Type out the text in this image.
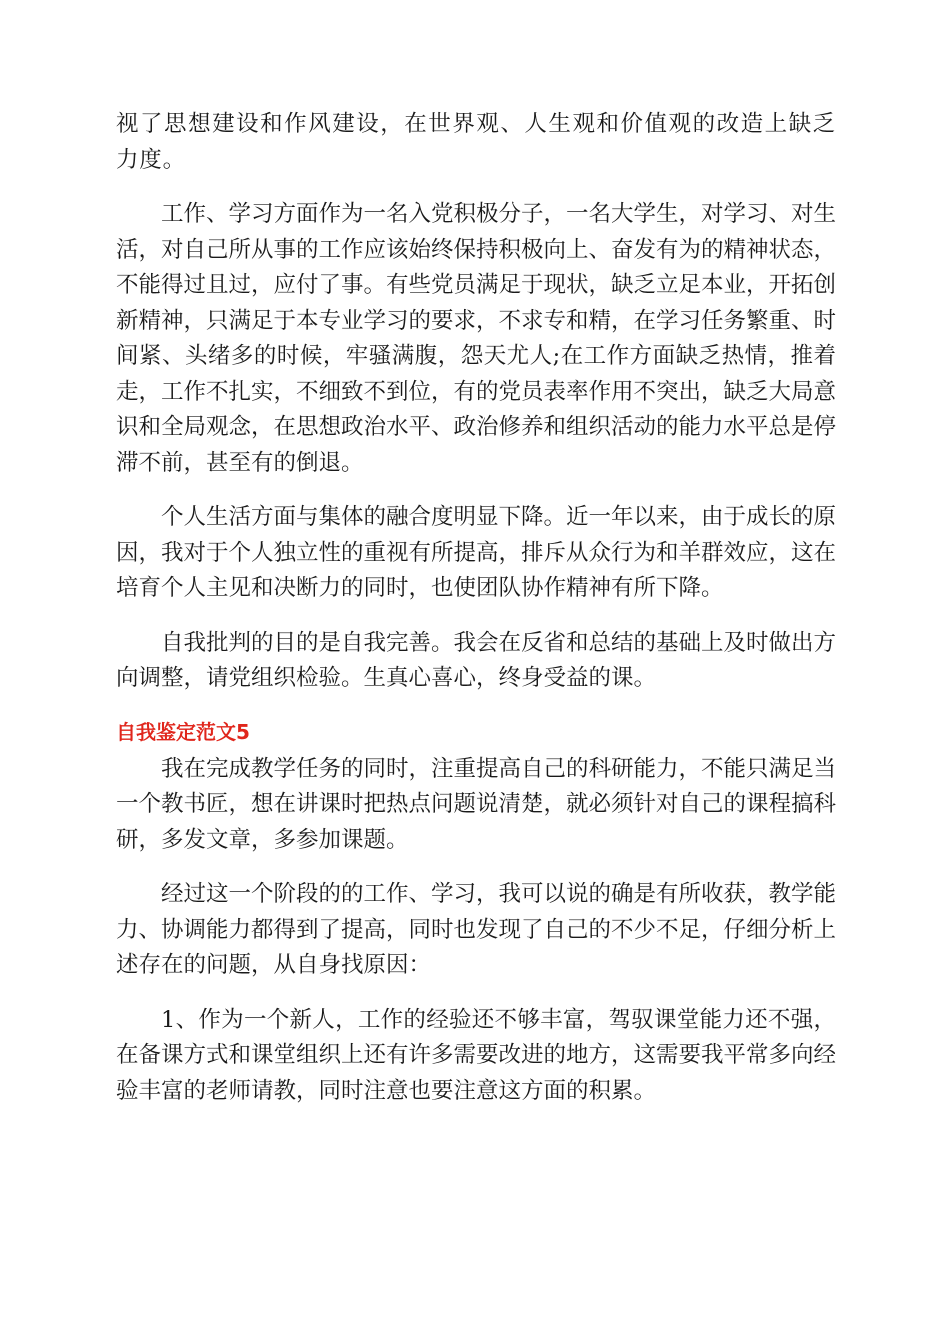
视了思想建设和作风建设，在世界观、人生观和价值观的改造上缺乏力度。

工作、学习方面作为一名入党积极分子，一名大学生，对学习、对生活，对自己所从事的工作应该始终保持积极向上、奋发有为的精神状态，不能得过且过，应付了事。有些党员满足于现状，缺乏立足本业，开拓创新精神，只满足于本专业学习的要求，不求专和精，在学习任务繁重、时间紧、头绪多的时候，牢骚满腹，怨天尤人;在工作方面缺乏热情，推着走，工作不扎实，不细致不到位，有的党员表率作用不突出，缺乏大局意识和全局观念，在思想政治水平、政治修养和组织活动的能力水平总是停滞不前，甚至有的倒退。

个人生活方面与集体的融合度明显下降。近一年以来，由于成长的原因，我对于个人独立性的重视有所提高，排斥从众行为和羊群效应，这在培育个人主见和决断力的同时，也使团队协作精神有所下降。

自我批判的目的是自我完善。我会在反省和总结的基础上及时做出方向调整，请党组织检验。生真心喜心，终身受益的课。

自我鉴定范文5

我在完成教学任务的同时，注重提高自己的科研能力，不能只满足当一个教书匠，想在讲课时把热点问题说清楚，就必须针对自己的课程搞科研，多发文章，多参加课题。

经过这一个阶段的的工作、学习，我可以说的确是有所收获，教学能力、协调能力都得到了提高，同时也发现了自己的不少不足，仔细分析上述存在的问题，从自身找原因：

1、作为一个新人，工作的经验还不够丰富，驾驭课堂能力还不强，在备课方式和课堂组织上还有许多需要改进的地方，这需要我平常多向经验丰富的老师请教，同时注意也要注意这方面的积累。
